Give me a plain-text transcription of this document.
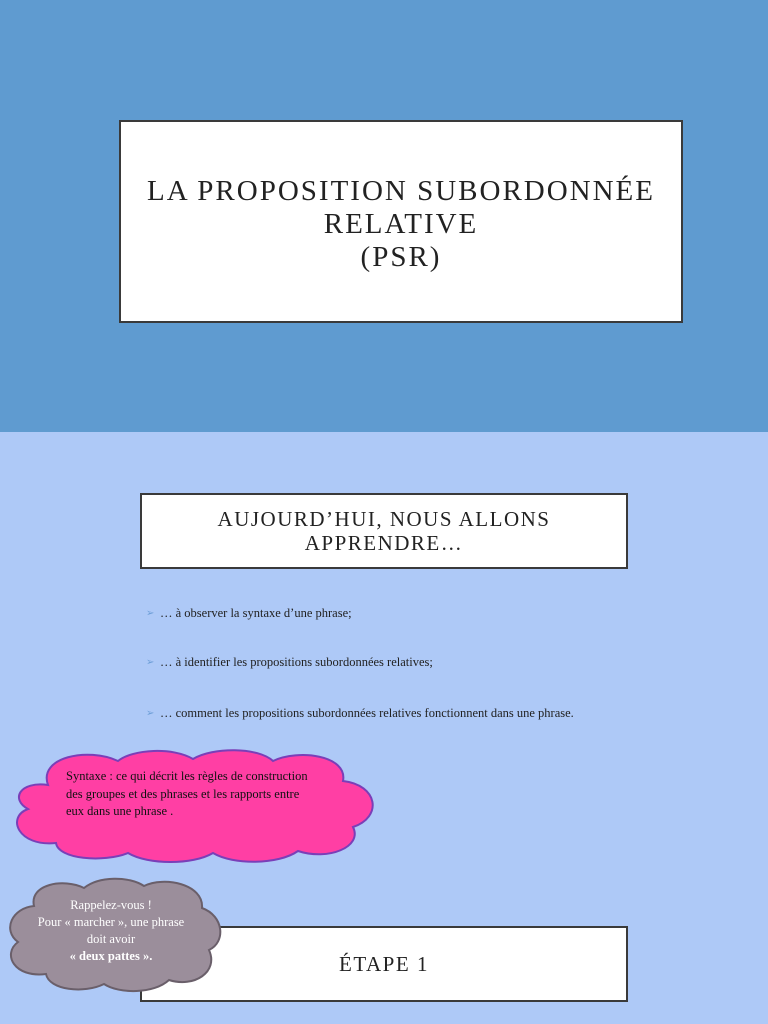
LA PROPOSITION SUBORDONNÉE
RELATIVE
(PSR)
AUJOURD’HUI, NOUS ALLONS
APPRENDRE…
➢ … à observer la syntaxe d’une phrase;
➢ … à identifier les propositions subordonnées relatives;
➢ … comment les propositions subordonnées relatives fonctionnent dans une phrase.
Syntaxe : ce qui décrit les règles de construction des groupes et des phrases et les rapports entre eux dans une phrase .
ÉTAPE 1
Rappelez-vous !
Pour « marcher », une phrase doit avoir
« deux pattes ».
